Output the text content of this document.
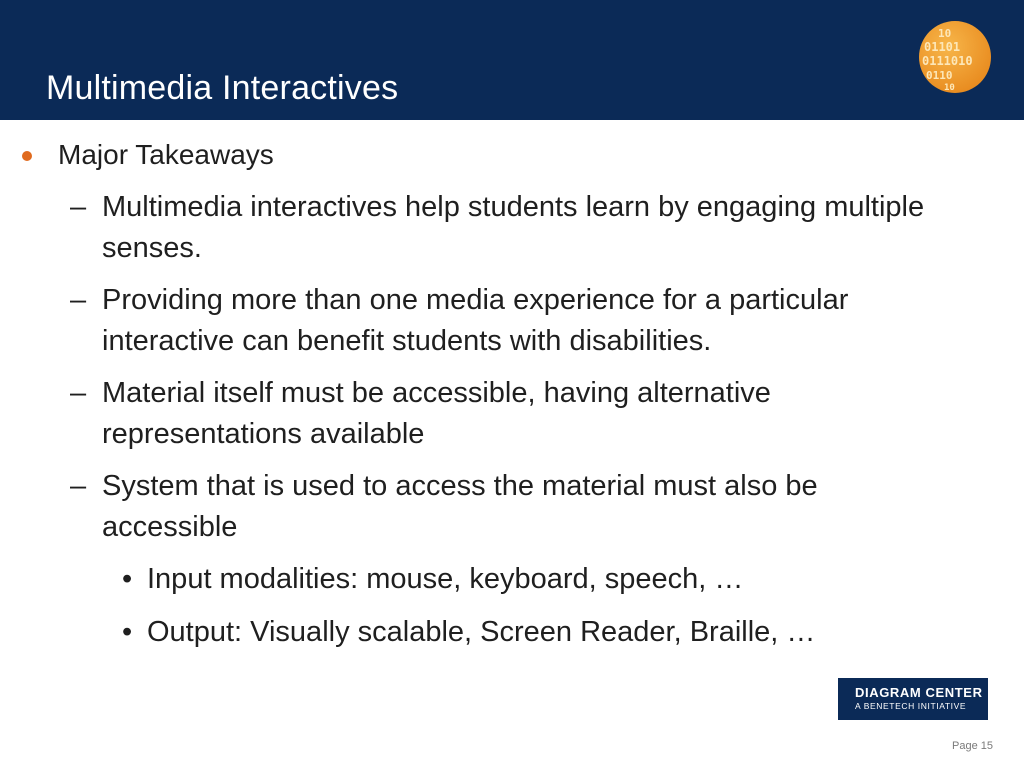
Multimedia Interactives
10
01101
0111010
0110
10
Major Takeaways
– Multimedia interactives help students learn by engaging multiple senses.
– Providing more than one media experience for a particular interactive can benefit students with disabilities.
– Material itself must be accessible, having alternative representations available
– System that is used to access the material must also be accessible
• Input modalities: mouse, keyboard, speech, …
• Output: Visually scalable, Screen Reader, Braille, …
DIAGRAM CENTER
A BENETECH INITIATIVE
Page 15
